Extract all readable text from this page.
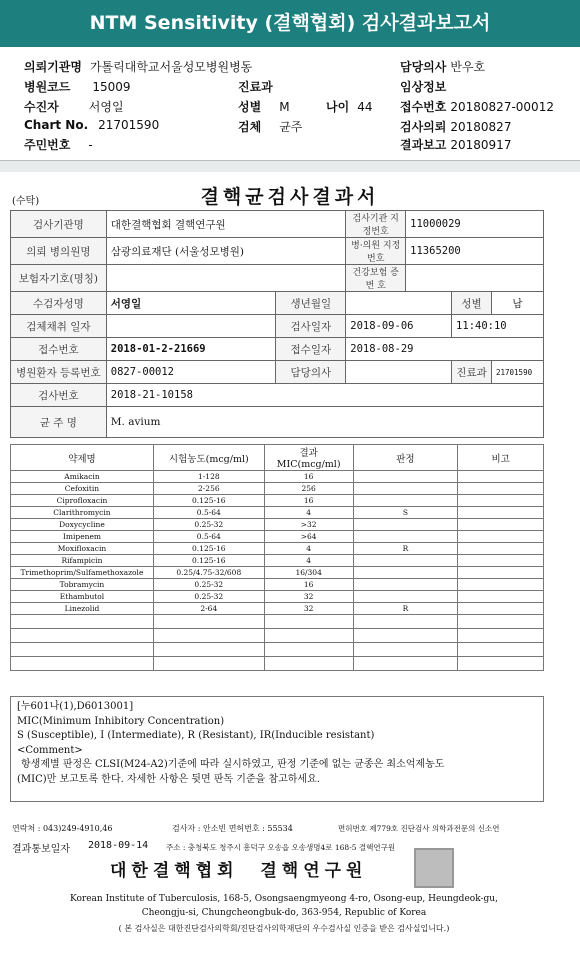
NTM Sensitivity (결핵협회) 검사결과보고서
의뢰기관명 가톨릭대학교서울성모병원병동
병원코드 15009
수진자	서영일
Chart No. 21701590
주민번호 -
진료과
성별 M	나이 44
검체 균주
담당의사 반우호
임상정보
접수번호 20180827-00012
검사의뢰 20180827
결과보고 20180917
(수탁)	결핵균검사결과서
검사기관명	대한결핵협회 결핵연구원		검사기관 지정번호	11000029		
의뢰 병의원명	삼광의료재단 (서울성모병원)		병·의원 지정번호	11365200		
보험자기호(명칭)			건강보험 증 번 호			
수검자성명	서영일	생년월일			성별	남
검체채취 일자		검사일자	2018-09-06		11:40:10	
접수번호	2018-01-2-21669	접수일자	2018-08-29			
병원환자 등록번호	0827-00012	담당의사			진료과	21701590
검사번호	2018-21-10158					
균 주 명	M. avium					
약제명	시험농도(mcg/ml)	결과 MIC(mcg/ml)	판정	비고
Amikacin	1-128	16		
Cefoxitin	2-256	256		
Ciprofloxacin	0.125-16	16		
Clarithromycin	0.5-64	4	S	
Doxycycline	0.25-32	>32		
Imipenem	0.5-64	>64		
Moxifloxacin	0.125-16	4	R	
Rifampicin	0.125-16	4		
Trimethoprim/Sulfamethoxazole	0.25/4.75-32/608	16/304		
Tobramycin	0.25-32	16		
Ethambutol	0.25-32	32		
Linezolid	2-64	32	R	

[누601나(1),D6013001]
MIC(Minimum Inhibitory Concentration)
S (Susceptible), I (Intermediate), R (Resistant), IR(Inducible resistant)
<Comment>
항생제별 판정은 CLSI(M24-A2)기준에 따라 실시하였고, 판정 기준에 없는 균종은 최소억제농도
(MIC)만 보고토록 한다. 자세한 사항은 뒷면 판독 기준을 참고하세요.
연락처 : 043)249-4910,46	검사자 : 안소빈 면허번호 : 55534	면허번호 제779호 진단검사 의학과전문의 신소연
결과통보일자 2018-09-14 주소 : 충청북도 청주시 흥덕구 오송읍 오송생명4로 168-5 결핵연구원
대한결핵협회  결핵연구원
Korean Institute of Tuberculosis, 168-5, Osongsaengmyeong 4-ro, Osong-eup, Heungdeok-gu,
Cheongju-si, Chungcheongbuk-do, 363-954, Republic of Korea
( 본 검사실은 대한진단검사의학회/진단검사의학재단의 우수검사실 인증을 받은 검사실입니다.)
